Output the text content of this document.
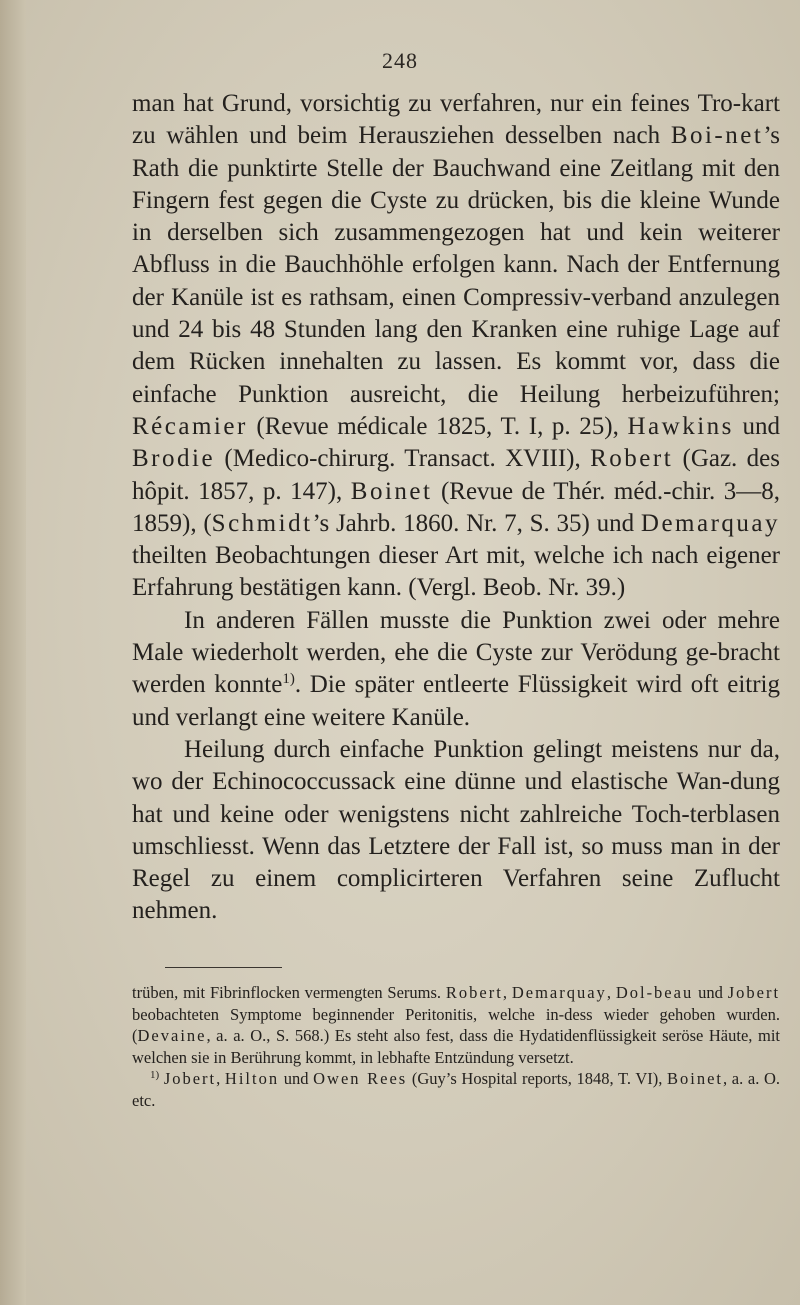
248

man hat Grund, vorsichtig zu verfahren, nur ein feines Tro-kart zu wählen und beim Herausziehen desselben nach Boi-net’s Rath die punktirte Stelle der Bauchwand eine Zeitlang mit den Fingern fest gegen die Cyste zu drücken, bis die kleine Wunde in derselben sich zusammengezogen hat und kein weiterer Abfluss in die Bauchhöhle erfolgen kann. Nach der Entfernung der Kanüle ist es rathsam, einen Compressiv-verband anzulegen und 24 bis 48 Stunden lang den Kranken eine ruhige Lage auf dem Rücken innehalten zu lassen. Es kommt vor, dass die einfache Punktion ausreicht, die Heilung herbeizuführen; Récamier (Revue médicale 1825, T. I, p. 25), Hawkins und Brodie (Medico-chirurg. Transact. XVIII), Robert (Gaz. des hôpit. 1857, p. 147), Boinet (Revue de Thér. méd.-chir. 3—8, 1859), (Schmidt’s Jahrb. 1860. Nr. 7, S. 35) und Demarquay theilten Beobachtungen dieser Art mit, welche ich nach eigener Erfahrung bestätigen kann. (Vergl. Beob. Nr. 39.)

In anderen Fällen musste die Punktion zwei oder mehre Male wiederholt werden, ehe die Cyste zur Verödung ge-bracht werden konnte$^{1)}$. Die später entleerte Flüssigkeit wird oft eitrig und verlangt eine weitere Kanüle.

Heilung durch einfache Punktion gelingt meistens nur da, wo der Echinococcussack eine dünne und elastische Wan-dung hat und keine oder wenigstens nicht zahlreiche Toch-terblasen umschliesst. Wenn das Letztere der Fall ist, so muss man in der Regel zu einem complicirteren Verfahren seine Zuflucht nehmen.

trüben, mit Fibrinflocken vermengten Serums. Robert, Demarquay, Dol-beau und Jobert beobachteten Symptome beginnender Peritonitis, welche in-dess wieder gehoben wurden. (Devaine, a. a. O., S. 568.) Es steht also fest, dass die Hydatidenflüssigkeit seröse Häute, mit welchen sie in Berührung kommt, in lebhafte Entzündung versetzt.

$^{1)}$ Jobert, Hilton und Owen Rees (Guy’s Hospital reports, 1848, T. VI), Boinet, a. a. O. etc.
